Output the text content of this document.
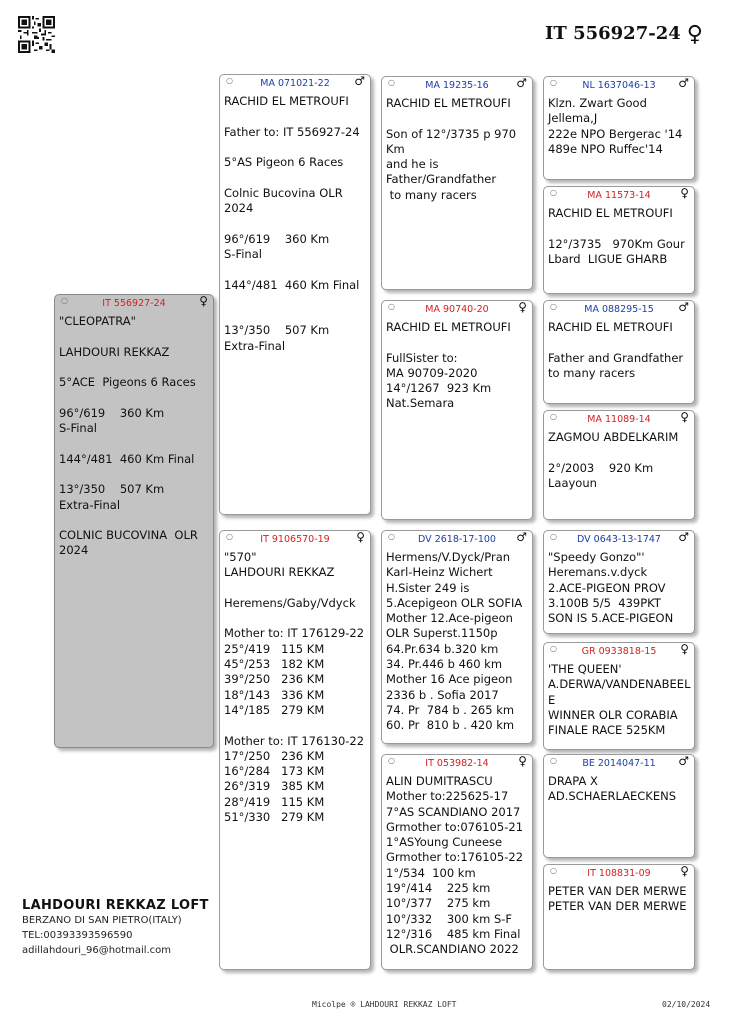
IT 556927-24 ♀
○	IT 556927-24	♀
"CLEOPATRA"

LAHDOURI REKKAZ

5°ACE  Pigeons 6 Races

96°/619    360 Km
S-Final

144°/481  460 Km Final

13°/350    507 Km
Extra-Final

COLNIC BUCOVINA  OLR
2024
○	MA 071021-22	♂
RACHID EL METROUFI

Father to: IT 556927-24

5°AS Pigeon 6 Races

Colnic Bucovina OLR
2024

96°/619    360 Km
S-Final

144°/481  460 Km Final

13°/350    507 Km
Extra-Final
○	IT 9106570-19	♀
"570"
LAHDOURI REKKAZ

Heremens/Gaby/Vdyck

Mother to: IT 176129-22
25°/419   115 KM
45°/253   182 KM
39°/250   236 KM
18°/143   336 KM
14°/185   279 KM

Mother to: IT 176130-22
17°/250   236 KM
16°/284   173 KM
26°/319   385 KM
28°/419   115 KM
51°/330   279 KM
○	MA 19235-16	♂
RACHID EL METROUFI

Son of 12°/3735 p 970
Km
and he is
Father/Grandfather
to many racers
○	MA 90740-20	♀
RACHID EL METROUFI

FullSister to:
MA 90709-2020
14°/1267  923 Km
Nat.Semara
○	DV 2618-17-100	♂
Hermens/V.Dyck/Pran
Karl-Heinz Wichert
H.Sister 249 is
5.Acepigeon OLR SOFIA
Mother 12.Ace-pigeon
OLR Superst.1150p
64.Pr.634 b.320 km
34. Pr.446 b 460 km
Mother 16 Ace pigeon
2336 b . Sofia 2017
74. Pr  784 b . 265 km
60. Pr  810 b . 420 km
○	IT 053982-14	♀
ALIN DUMITRASCU
Mother to:225625-17
7°AS SCANDIANO 2017
Grmother to:076105-21
1°ASYoung Cuneese
Grmother to:176105-22
1°/534  100 km
19°/414    225 km
10°/377    275 km
10°/332    300 km S-F
12°/316    485 km Final
OLR.SCANDIANO 2022
○	NL 1637046-13	♂
Klzn. Zwart Good
Jellema,J
222e NPO Bergerac '14
489e NPO Ruffec'14
○	MA 11573-14	♀
RACHID EL METROUFI

12°/3735   970Km Gour
Lbard  LIGUE GHARB
○	MA 088295-15	♂
RACHID EL METROUFI

Father and Grandfather
to many racers
○	MA 11089-14	♀
ZAGMOU ABDELKARIM

2°/2003    920 Km
Laayoun
○	DV 0643-13-1747	♂
"Speedy Gonzo"'
Heremans.v.dyck
2.ACE-PIGEON PROV
3.100B 5/5  439PKT
SON IS 5.ACE-PIGEON
○	GR 0933818-15	♀
'THE QUEEN'
A.DERWA/VANDENABEEL
E
WINNER OLR CORABIA
FINALE RACE 525KM
○	BE 2014047-11	♂
DRAPA X
AD.SCHAERLAECKENS
○	IT 108831-09	♀
PETER VAN DER MERWE
PETER VAN DER MERWE
LAHDOURI REKKAZ LOFT
BERZANO DI SAN PIETRO(ITALY)
TEL:00393393596590
adillahdouri_96@hotmail.com
Micolpe ® LAHDOURI REKKAZ LOFT	02/10/2024
